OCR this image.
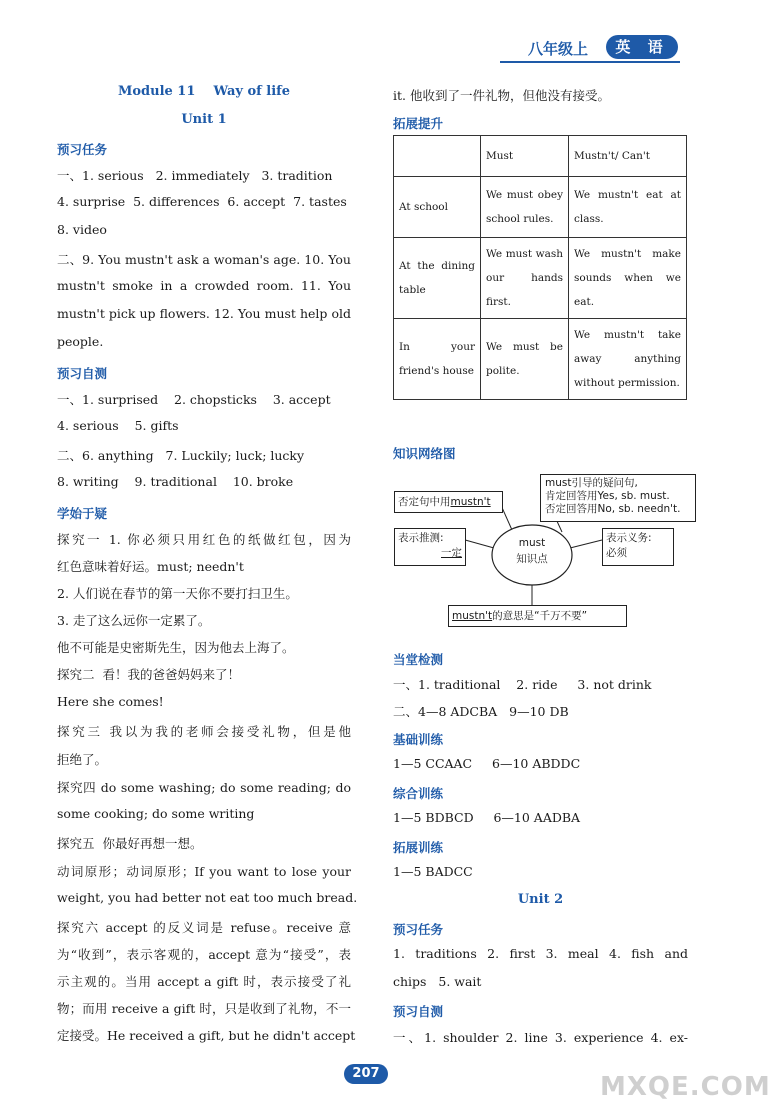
八年级上	英 语
Module 11    Way of life
Unit 1
预习任务
一、1. serious   2. immediately   3. tradition
4. surprise  5. differences  6. accept  7. tastes
8. video
二、9. You mustn't ask a woman's age. 10. You
mustn't smoke in a crowded room. 11. You
mustn't pick up flowers. 12. You must help old
people.
预习自测
一、1. surprised    2. chopsticks    3. accept
4. serious    5. gifts
二、6. anything   7. Luckily; luck; lucky
8. writing    9. traditional    10. broke
学始于疑
探究一 1. 你必须只用红色的纸做红包，因为
红色意味着好运。must; needn't
2. 人们说在春节的第一天你不要打扫卫生。
3. 走了这么远你一定累了。
他不可能是史密斯先生，因为他去上海了。
探究二  看！我的爸爸妈妈来了！
Here she comes!
探究三 我以为我的老师会接受礼物，但是他
拒绝了。
探究四 do some washing; do some reading; do
some cooking; do some writing
探究五  你最好再想一想。
动词原形；动词原形；If you want to lose your
weight, you had better not eat too much bread.
探究六 accept 的反义词是 refuse。receive 意
为“收到”，表示客观的，accept 意为“接受”，表
示主观的。当用 accept a gift 时，表示接受了礼
物；而用 receive a gift 时，只是收到了礼物，不一
定接受。He received a gift, but he didn't accept
it. 他收到了一件礼物，但他没有接受。
拓展提升
	Must	Mustn't/ Can't
At school	We must obey school rules.	We mustn't eat at class.
At the dining table	We must wash our hands first.	We mustn't make sounds when we eat.
In your friend's house	We must be polite.	We mustn't take away anything without permission.
知识网络图
must
知识点
must引导的疑问句,
肯定回答用Yes, sb. must.
否定回答用No, sb. needn't.
否定句中用mustn't
表示推测:
一定
表示义务:
必须
mustn't的意思是“千万不要”
当堂检测
一、1. traditional    2. ride     3. not drink
二、4—8 ADCBA   9—10 DB
基础训练
1—5 CCAAC     6—10 ABDDC
综合训练
1—5 BDBCD     6—10 AADBA
拓展训练
1—5 BADCC
Unit 2
预习任务
1. traditions 2. first 3. meal 4. fish and
chips   5. wait
预习自测
一、1. shoulder 2. line 3. experience 4. ex-
207	MXQE.COM
